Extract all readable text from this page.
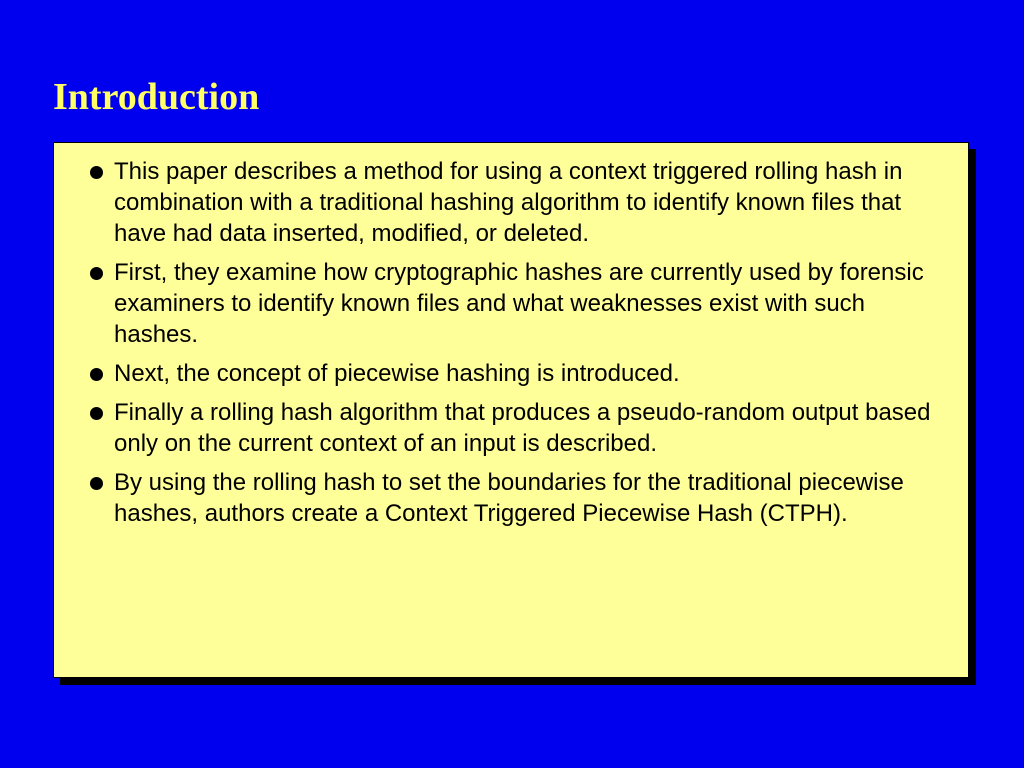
Introduction
This paper describes a method for using a context triggered rolling hash in combination with a traditional hashing algorithm to identify known files that have had data inserted, modified, or deleted.
First, they examine how cryptographic hashes are currently used by forensic examiners to identify known files and what weaknesses exist with such hashes.
Next, the concept of piecewise hashing is introduced.
Finally a rolling hash algorithm that produces a pseudo-random output based only on the current context of an input is described.
By using the rolling hash to set the boundaries for the traditional piecewise hashes, authors create a Context Triggered Piecewise Hash (CTPH).
